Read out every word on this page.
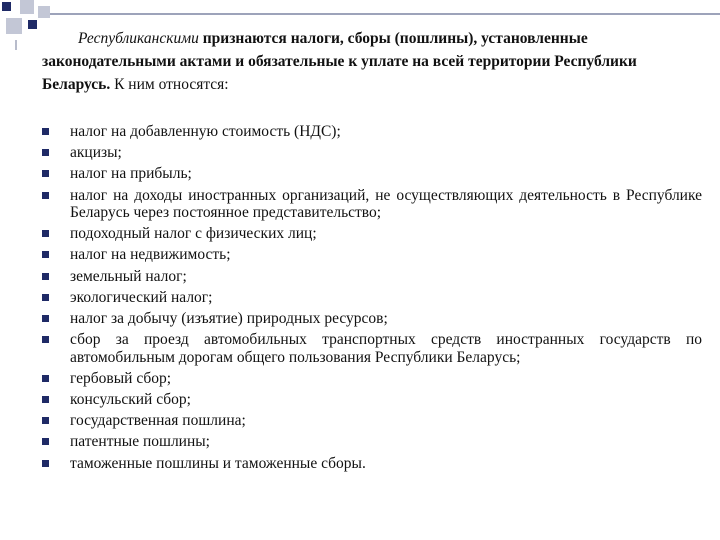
Республиканскими признаются налоги, сборы (пошлины), установленные законодательными актами и обязательные к уплате на всей территории Республики Беларусь. К ним относятся:
налог на добавленную стоимость (НДС);
акцизы;
налог на прибыль;
налог на доходы иностранных организаций, не осуществляющих деятельность в Республике Беларусь через постоянное представительство;
подоходный налог с физических лиц;
налог на недвижимость;
земельный налог;
экологический налог;
налог за добычу (изъятие) природных ресурсов;
сбор за проезд автомобильных транспортных средств иностранных государств по автомобильным дорогам общего пользования Республики Беларусь;
гербовый сбор;
консульский сбор;
государственная пошлина;
патентные пошлины;
таможенные пошлины и таможенные сборы.
